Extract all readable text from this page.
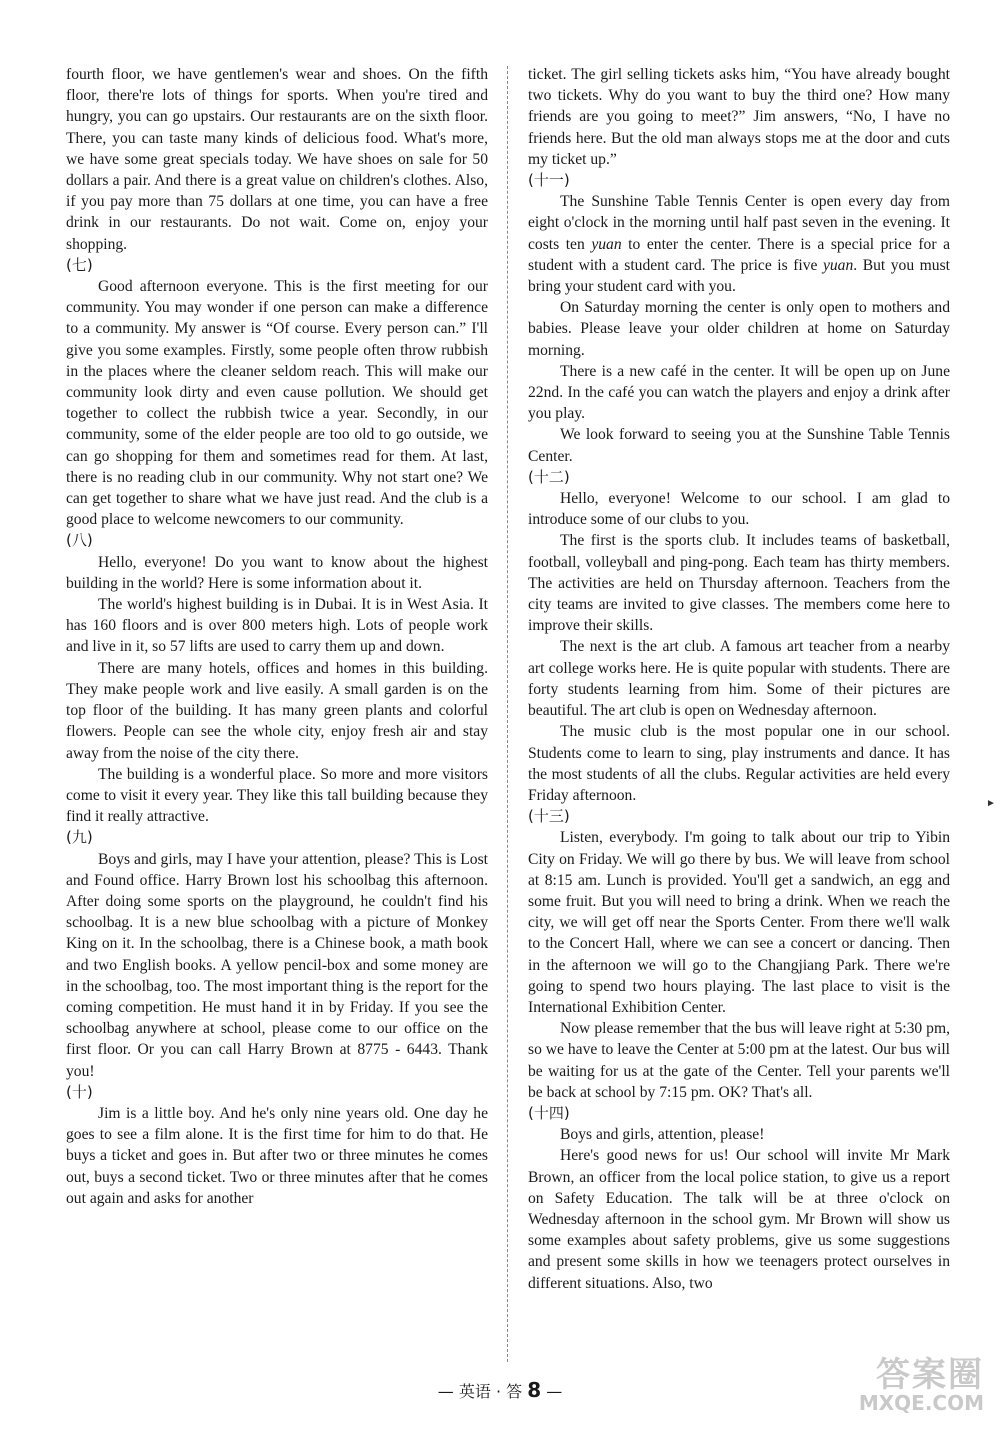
fourth floor, we have gentlemen's wear and shoes. On the fifth floor, there're lots of things for sports. When you're tired and hungry, you can go upstairs. Our restaurants are on the sixth floor. There, you can taste many kinds of delicious food. What's more, we have some great specials today. We have shoes on sale for 50 dollars a pair. And there is a great value on children's clothes. Also, if you pay more than 75 dollars at one time, you can have a free drink in our restaurants. Do not wait. Come on, enjoy your shopping.

(七)

Good afternoon everyone. This is the first meeting for our community. You may wonder if one person can make a difference to a community. My answer is “Of course. Every person can.” I'll give you some examples. Firstly, some people often throw rubbish in the places where the cleaner seldom reach. This will make our community look dirty and even cause pollution. We should get together to collect the rubbish twice a year. Secondly, in our community, some of the elder people are too old to go outside, we can go shopping for them and sometimes read for them. At last, there is no reading club in our community. Why not start one? We can get together to share what we have just read. And the club is a good place to welcome newcomers to our community.

(八)

Hello, everyone! Do you want to know about the highest building in the world? Here is some information about it.

The world's highest building is in Dubai. It is in West Asia. It has 160 floors and is over 800 meters high. Lots of people work and live in it, so 57 lifts are used to carry them up and down.

There are many hotels, offices and homes in this building. They make people work and live easily. A small garden is on the top floor of the building. It has many green plants and colorful flowers. People can see the whole city, enjoy fresh air and stay away from the noise of the city there.

The building is a wonderful place. So more and more visitors come to visit it every year. They like this tall building because they find it really attractive.

(九)

Boys and girls, may I have your attention, please? This is Lost and Found office. Harry Brown lost his schoolbag this afternoon. After doing some sports on the playground, he couldn't find his schoolbag. It is a new blue schoolbag with a picture of Monkey King on it. In the schoolbag, there is a Chinese book, a math book and two English books. A yellow pencil-box and some money are in the schoolbag, too. The most important thing is the report for the coming competition. He must hand it in by Friday. If you see the schoolbag anywhere at school, please come to our office on the first floor. Or you can call Harry Brown at 8775 - 6443. Thank you!

(十)

Jim is a little boy. And he's only nine years old. One day he goes to see a film alone. It is the first time for him to do that. He buys a ticket and goes in. But after two or three minutes he comes out, buys a second ticket. Two or three minutes after that he comes out again and asks for another

ticket. The girl selling tickets asks him, “You have already bought two tickets. Why do you want to buy the third one? How many friends are you going to meet?” Jim answers, “No, I have no friends here. But the old man always stops me at the door and cuts my ticket up.”

(十一)

The Sunshine Table Tennis Center is open every day from eight o'clock in the morning until half past seven in the evening. It costs ten yuan to enter the center. There is a special price for a student with a student card. The price is five yuan. But you must bring your student card with you.

On Saturday morning the center is only open to mothers and babies. Please leave your older children at home on Saturday morning.

There is a new café in the center. It will be open up on June 22nd. In the café you can watch the players and enjoy a drink after you play.

We look forward to seeing you at the Sunshine Table Tennis Center.

(十二)

Hello, everyone! Welcome to our school. I am glad to introduce some of our clubs to you.

The first is the sports club. It includes teams of basketball, football, volleyball and ping-pong. Each team has thirty members. The activities are held on Thursday afternoon. Teachers from the city teams are invited to give classes. The members come here to improve their skills.

The next is the art club. A famous art teacher from a nearby art college works here. He is quite popular with students. There are forty students learning from him. Some of their pictures are beautiful. The art club is open on Wednesday afternoon.

The music club is the most popular one in our school. Students come to learn to sing, play instruments and dance. It has the most students of all the clubs. Regular activities are held every Friday afternoon.

(十三)

Listen, everybody. I'm going to talk about our trip to Yibin City on Friday. We will go there by bus. We will leave from school at 8:15 am. Lunch is provided. You'll get a sandwich, an egg and some fruit. But you will need to bring a drink. When we reach the city, we will get off near the Sports Center. From there we'll walk to the Concert Hall, where we can see a concert or dancing. Then in the afternoon we will go to the Changjiang Park. There we're going to spend two hours playing. The last place to visit is the International Exhibition Center.

Now please remember that the bus will leave right at 5:30 pm, so we have to leave the Center at 5:00 pm at the latest. Our bus will be waiting for us at the gate of the Center. Tell your parents we'll be back at school by 7:15 pm. OK? That's all.

(十四)

Boys and girls, attention, please!

Here's good news for us! Our school will invite Mr Mark Brown, an officer from the local police station, to give us a report on Safety Education. The talk will be at three o'clock on Wednesday afternoon in the school gym. Mr Brown will show us some examples about safety problems, give us some suggestions and present some skills in how we teenagers protect ourselves in different situations. Also, two

►
— 英语 · 答 8 —	答案圈
MXQE.COM
